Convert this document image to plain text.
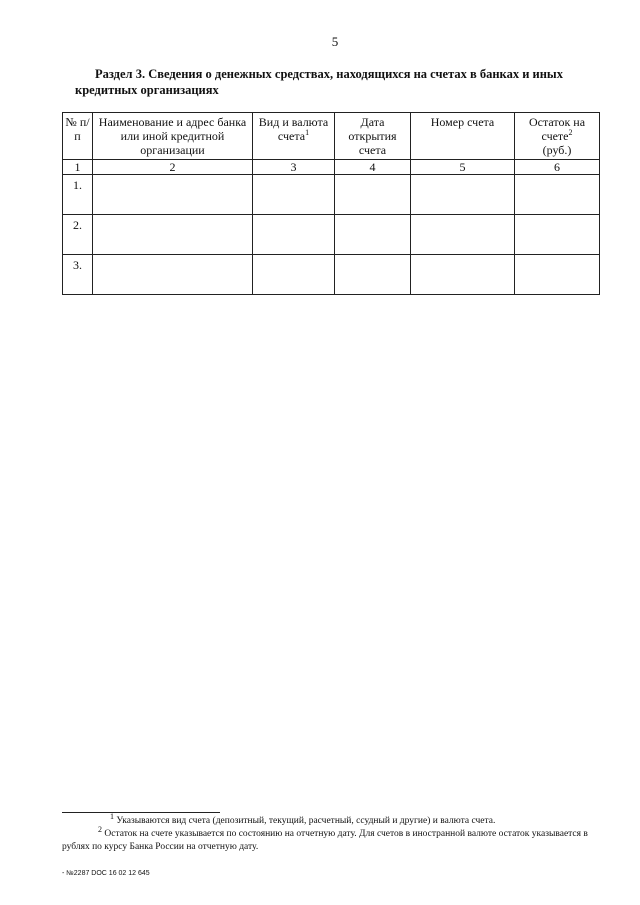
5
Раздел 3. Сведения о денежных средствах, находящихся на счетах в банках и иных кредитных организациях
№ п/п	Наименование и адрес банка или иной кредитной организации	Вид и валюта счета$^1$	Дата открытия счета	Номер счета	Остаток на счете$^2$
(руб.)
1	2	3	4	5	6
1.					
2.					
3.					
$^1$ Указываются вид счета (депозитный, текущий, расчетный, ссудный и другие) и валюта счета.
$^2$ Остаток на счете указывается по состоянию на отчетную дату. Для счетов в иностранной валюте остаток указывается в рублях по курсу Банка России на отчетную дату.
- №2287 DOC 16 02 12 645
